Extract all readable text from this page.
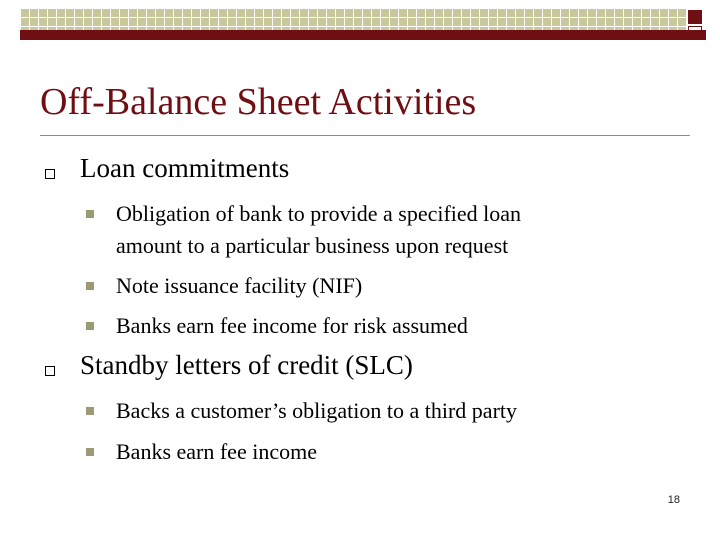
Off-Balance Sheet Activities
Loan commitments
Obligation of bank to provide a specified loan
amount to a particular business upon request
Note issuance facility (NIF)
Banks earn fee income for risk assumed
Standby letters of credit (SLC)
Backs a customer’s obligation to a third party
Banks earn fee income
18
